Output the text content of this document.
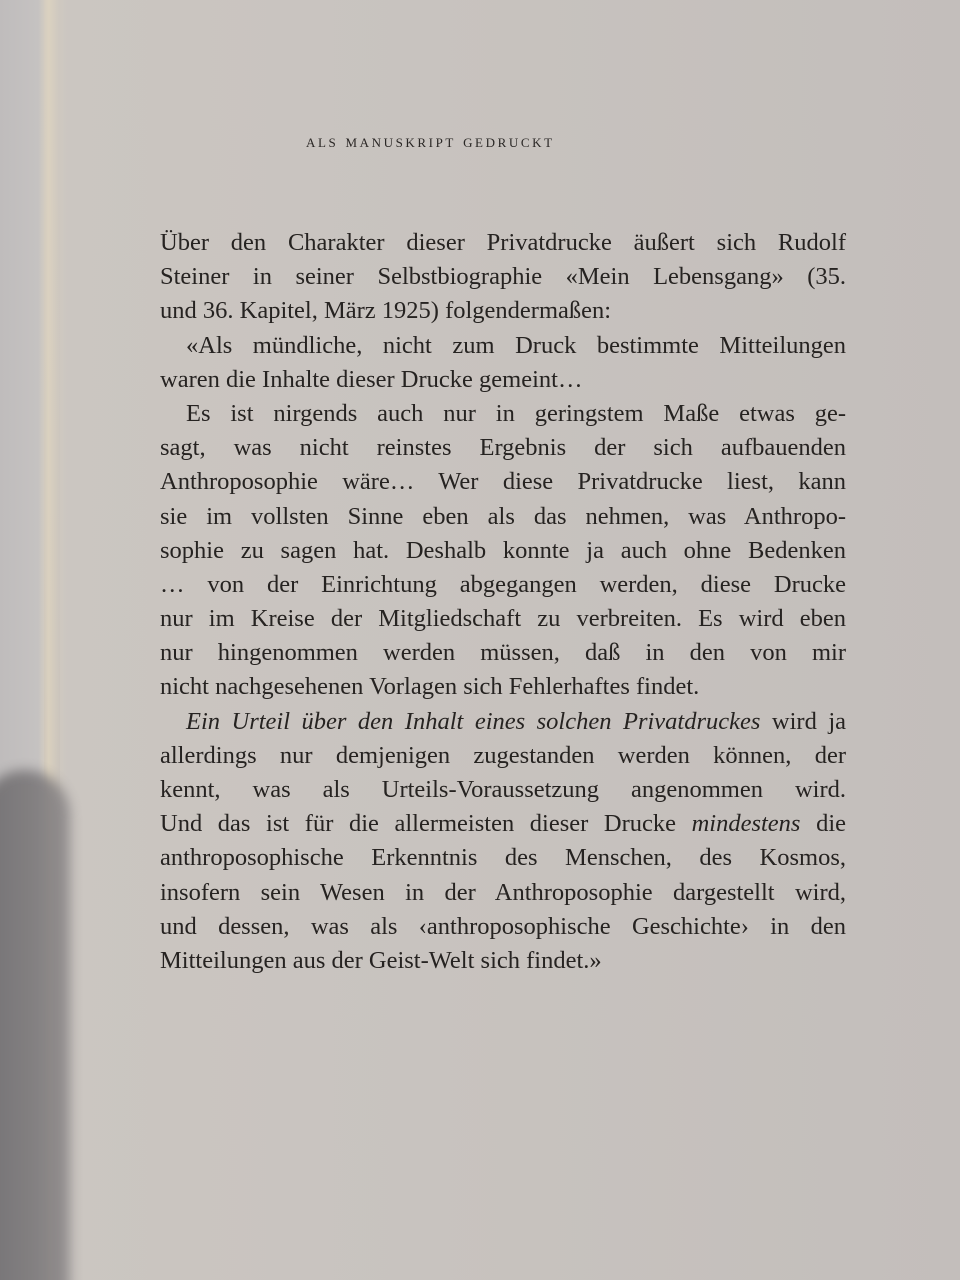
als manuskript gedruckt
Über den Charakter dieser Privatdrucke äußert sich Rudolf
Steiner in seiner Selbstbiographie «Mein Lebensgang» (35.
und 36. Kapitel, März 1925) folgendermaßen:
«Als mündliche, nicht zum Druck bestimmte Mitteilungen
waren die Inhalte dieser Drucke gemeint…
Es ist nirgends auch nur in geringstem Maße etwas ge-
sagt, was nicht reinstes Ergebnis der sich aufbauenden
Anthroposophie wäre… Wer diese Privatdrucke liest, kann
sie im vollsten Sinne eben als das nehmen, was Anthropo-
sophie zu sagen hat. Deshalb konnte ja auch ohne Bedenken
… von der Einrichtung abgegangen werden, diese Drucke
nur im Kreise der Mitgliedschaft zu verbreiten. Es wird eben
nur hingenommen werden müssen, daß in den von mir
nicht nachgesehenen Vorlagen sich Fehlerhaftes findet.
Ein Urteil über den Inhalt eines solchen Privatdruckes wird ja
allerdings nur demjenigen zugestanden werden können, der
kennt, was als Urteils-Voraussetzung angenommen wird.
Und das ist für die allermeisten dieser Drucke mindestens die
anthroposophische Erkenntnis des Menschen, des Kosmos,
insofern sein Wesen in der Anthroposophie dargestellt wird,
und dessen, was als ‹anthroposophische Geschichte› in den
Mitteilungen aus der Geist-Welt sich findet.»
